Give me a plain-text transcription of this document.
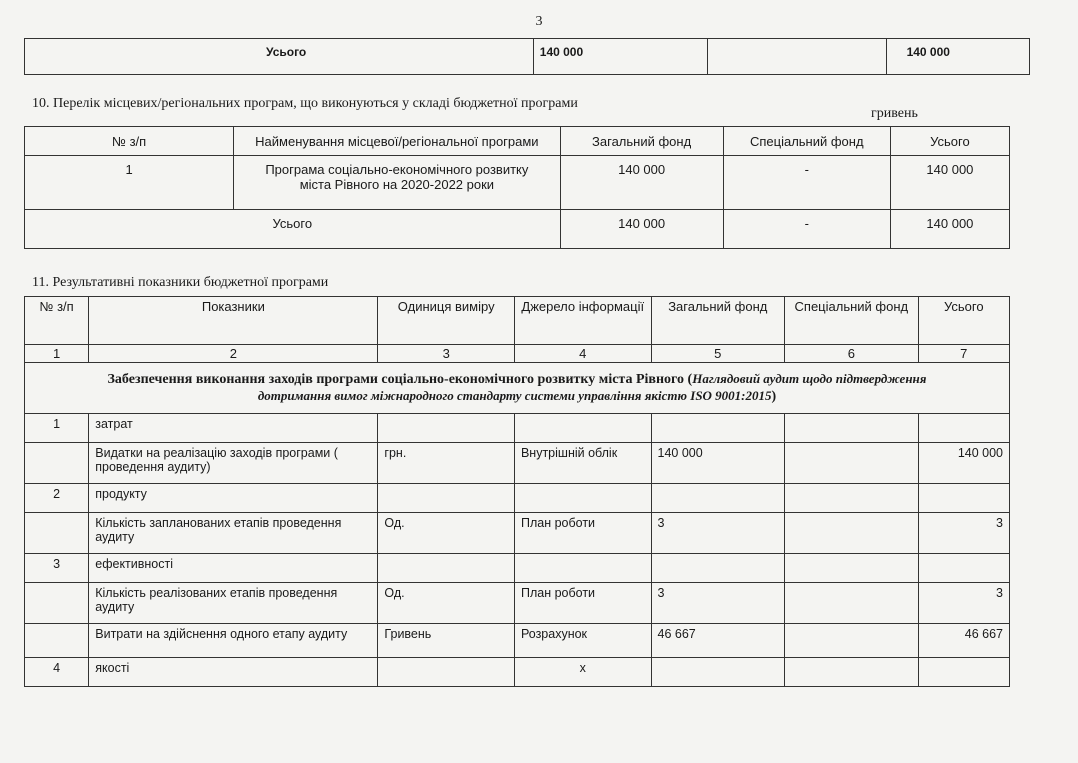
3
Усього	140 000		140 000
10. Перелік місцевих/регіональних програм, що виконуються у складі бюджетної програми
гривень
№ з/п	Найменування місцевої/регіональної програми	Загальний фонд	Спеціальний фонд	Усього
1	Програма соціально-економічного розвитку
міста Рівного на 2020-2022 роки	140 000	-	140 000
Усього		140 000	-	140 000
11. Результативні показники бюджетної програми
№ з/п	Показники	Одиниця виміру	Джерело інформації	Загальний фонд	Спеціальний фонд	Усього
1	2	3	4	5	6	7
Забезпечення виконання заходів програми соціально-економічного розвитку міста Рівного (Наглядовий аудит щодо підтвердження
дотримання вимог міжнародного стандарту системи управління якістю ISO 9001:2015)						
1	затрат					
	Видатки на реалізацію заходів програми ( проведення аудиту)	грн.	Внутрішній облік	140 000		140 000
2	продукту					
	Кількість запланованих етапів проведення аудиту	Од.	План роботи	3		3
3	ефективності					
	Кількість реалізованих етапів проведення аудиту	Од.	План роботи	3		3
	Витрати на здійснення одного етапу аудиту	Гривень	Розрахунок	46 667		46 667
4	якості		х			
